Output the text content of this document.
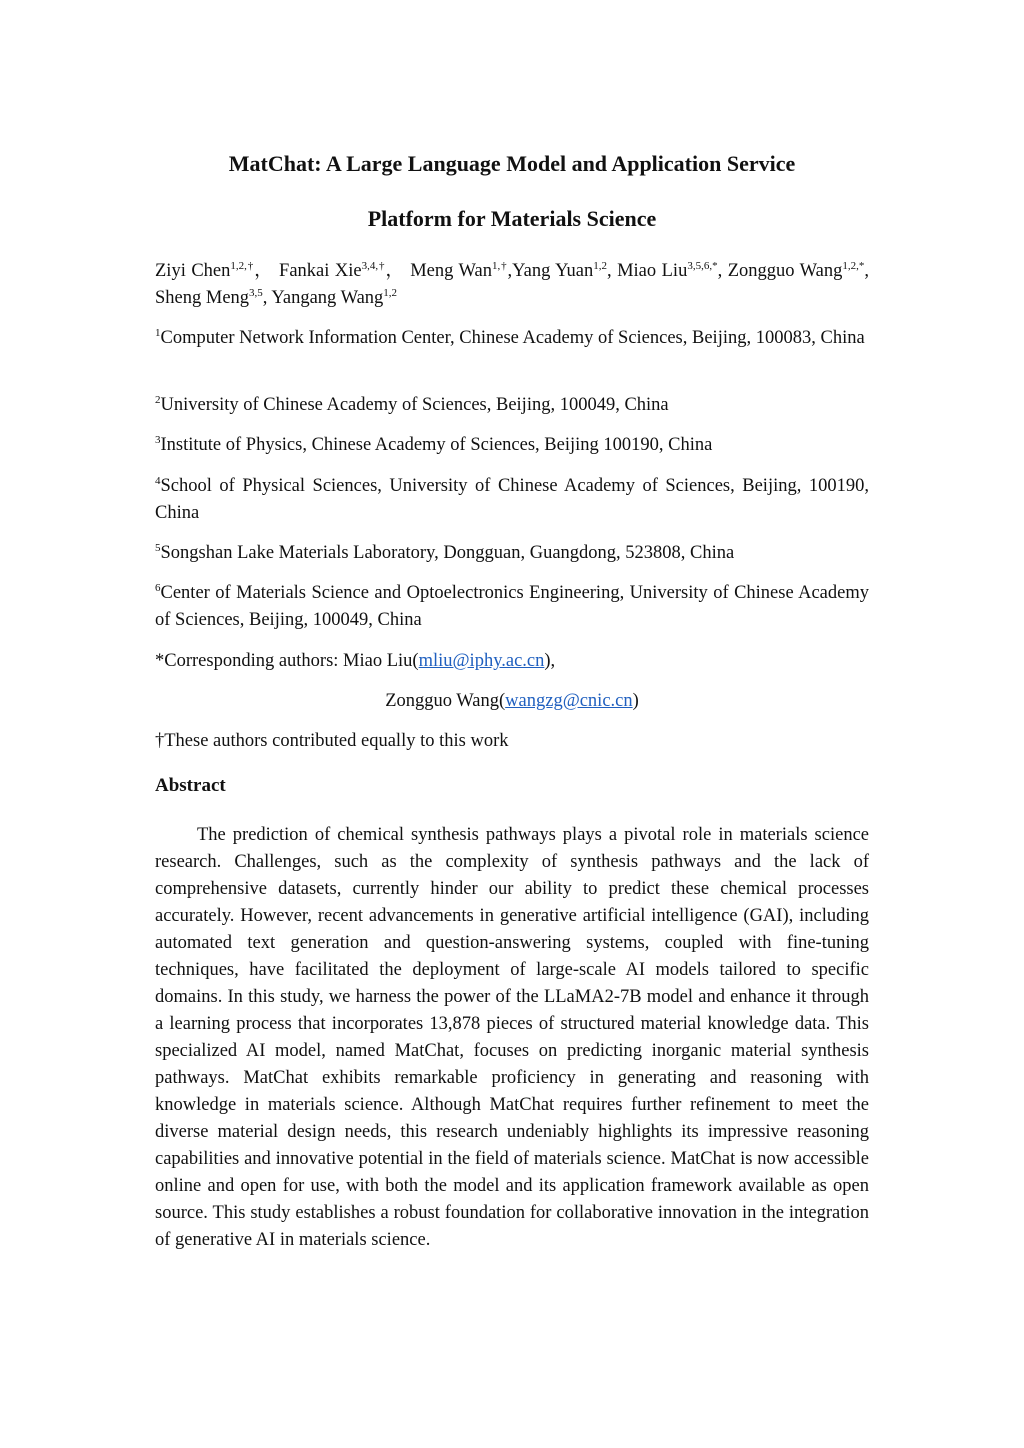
MatChat: A Large Language Model and Application Service
Platform for Materials Science
Ziyi Chen$^{1,2,\dagger}$， Fankai Xie$^{3,4,\dagger}$， Meng Wan$^{1,\dagger}$,Yang Yuan$^{1,2}$, Miao Liu$^{3,5,6,*}$, Zongguo Wang$^{1,2,*}$, Sheng Meng$^{3,5}$, Yangang Wang$^{1,2}$
$^1$Computer Network Information Center, Chinese Academy of Sciences, Beijing, 100083, China
$^2$University of Chinese Academy of Sciences, Beijing, 100049, China
$^3$Institute of Physics, Chinese Academy of Sciences, Beijing 100190, China
$^4$School of Physical Sciences, University of Chinese Academy of Sciences, Beijing, 100190, China
$^5$Songshan Lake Materials Laboratory, Dongguan, Guangdong, 523808, China
$^6$Center of Materials Science and Optoelectronics Engineering, University of Chinese Academy of Sciences, Beijing, 100049, China
*Corresponding authors: Miao Liu(mliu@iphy.ac.cn),
Zongguo Wang(wangzg@cnic.cn)
†These authors contributed equally to this work
Abstract

The prediction of chemical synthesis pathways plays a pivotal role in materials science research. Challenges, such as the complexity of synthesis pathways and the lack of comprehensive datasets, currently hinder our ability to predict these chemical processes accurately. However, recent advancements in generative artificial intelligence (GAI), including automated text generation and question-answering systems, coupled with fine-tuning techniques, have facilitated the deployment of large-scale AI models tailored to specific domains. In this study, we harness the power of the LLaMA2-7B model and enhance it through a learning process that incorporates 13,878 pieces of structured material knowledge data. This specialized AI model, named MatChat, focuses on predicting inorganic material synthesis pathways. MatChat exhibits remarkable proficiency in generating and reasoning with knowledge in materials science. Although MatChat requires further refinement to meet the diverse material design needs, this research undeniably highlights its impressive reasoning capabilities and innovative potential in the field of materials science. MatChat is now accessible online and open for use, with both the model and its application framework available as open source. This study establishes a robust foundation for collaborative innovation in the integration of generative AI in materials science.
